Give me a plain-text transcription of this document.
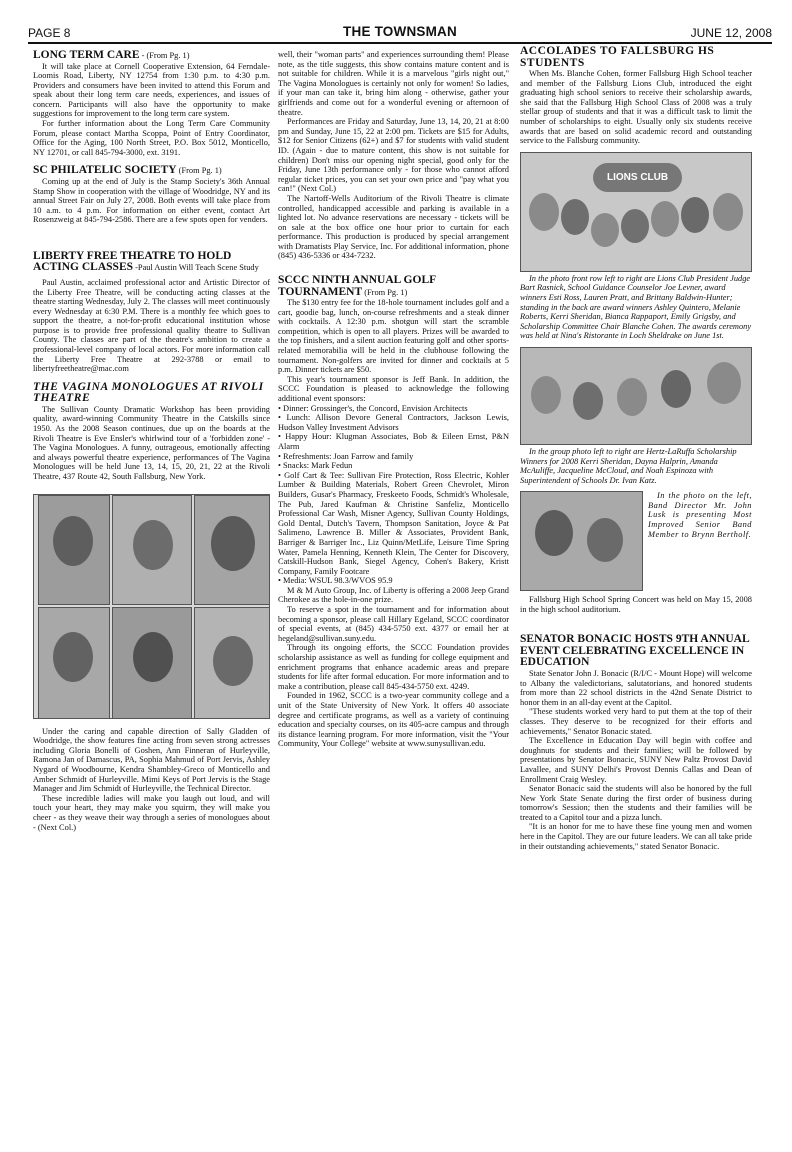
PAGE 8	THE TOWNSMAN	JUNE 12, 2008
LONG TERM CARE - (From Pg. 1)

It will take place at Cornell Cooperative Extension, 64 Ferndale-Loomis Road, Liberty, NY 12754 from 1:30 p.m. to 4:30 p.m. Providers and consumers have been invited to attend this Forum and speak about their long term care needs, experiences, and issues of concern. Participants will also have the opportunity to make suggestions for improvement to the long term care system.

For further information about the Long Term Care Community Forum, please contact Martha Scoppa, Point of Entry Coordinator, Office for the Aging, 100 North Street, P.O. Box 5012, Monticello, NY 12701, or call 845-794-3000, ext. 3191.

SC PHILATELIC SOCIETY (From Pg. 1)

Coming up at the end of July is the Stamp Society's 36th Annual Stamp Show in cooperation with the village of Woodridge, NY and its annual Street Fair on July 27, 2008. Both events will take place from 10 a.m. to 4 p.m. For information on either event, contact Art Rosenzweig at 845-794-2586. There are a few spots open for venders.

LIBERTY FREE THEATRE TO HOLD ACTING CLASSES -Paul Austin Will Teach Scene Study

Paul Austin, acclaimed professional actor and Artistic Director of the Liberty Free Theatre, will be conducting acting classes at the theatre starting Wednesday, July 2. The classes will meet continuously every Wednesday at 6:30 P.M. There is a monthly fee which goes to support the theatre, a not-for-profit educational institution whose purpose is to provide free professional quality theatre to Sullivan County. The classes are part of the theatre's ambition to create a professional-level company of local actors. For more information call the Liberty Free Theatre at 292-3788 or email to libertyfreetheatre@mac.com

THE VAGINA MONOLOGUES AT RIVOLI THEATRE

The Sullivan County Dramatic Workshop has been providing quality, award-winning Community Theatre in the Catskills since 1950. As the 2008 Season continues, due up on the boards at the Rivoli Theatre is Eve Ensler's whirlwind tour of a 'forbidden zone' - The Vagina Monologues. A funny, outrageous, emotionally affecting and always powerful theatre experience, performances of The Vagina Monologues will be held June 13, 14, 15, 20, 21, 22 at the Rivoli Theatre, 437 Route 42, South Fallsburg, New York.

Under the caring and capable direction of Sally Gladden of Woodridge, the show features fine acting from seven strong actresses including Gloria Bonelli of Goshen, Ann Finneran of Hurleyville, Ramona Jan of Damascus, PA, Sophia Mahmud of Port Jervis, Ashley Nygard of Woodbourne, Kendra Shambley-Greco of Monticello and Amber Schmidt of Hurleyville. Mimi Keys of Port Jervis is the Stage Manager and Jim Schmidt of Hurleyville, the Technical Director.

These incredible ladies will make you laugh out loud, and will touch your heart, they may make you squirm, they will make you cheer - as they weave their way through a series of monologues about - (Next Col.)

well, their "woman parts" and experiences surrounding them! Please note, as the title suggests, this show contains mature content and is not suitable for children. While it is a marvelous "girls night out," The Vagina Monologues is certainly not only for women! So ladies, if your man can take it, bring him along - otherwise, gather your girlfriends and come out for a wonderful evening or afternoon of theatre.

Performances are Friday and Saturday, June 13, 14, 20, 21 at 8:00 pm and Sunday, June 15, 22 at 2:00 pm. Tickets are $15 for Adults, $12 for Senior Citizens (62+) and $7 for students with valid student ID. (Again - due to mature content, this show is not suitable for children) Don't miss our opening night special, good only for the Friday, June 13th performance only - for those who cannot afford regular ticket prices, you can set your own price and "pay what you can!" (Next Col.)

The Nartoff-Wells Auditorium of the Rivoli Theatre is climate controlled, handicapped accessible and parking is available in a lighted lot. No advance reservations are necessary - tickets will be on sale at the box office one hour prior to curtain for each performance. This production is produced by special arrangement with Dramatists Play Service, Inc. For additional information, phone (845) 436-5336 or 434-7232.

SCCC NINTH ANNUAL GOLF TOURNAMENT (From Pg. 1)

The $130 entry fee for the 18-hole tournament includes golf and a cart, goodie bag, lunch, on-course refreshments and a steak dinner with cocktails. A 12:30 p.m. shotgun will start the scramble competition, which is open to all players. Prizes will be awarded to the top finishers, and a silent auction featuring golf and other sports-related memorabilia will be held in the clubhouse following the tournament. Non-golfers are invited for dinner and cocktails at 5 p.m. Dinner tickets are $50.

This year's tournament sponsor is Jeff Bank. In addition, the SCCC Foundation is pleased to acknowledge the following additional event sponsors:

• Dinner: Grossinger's, the Concord, Envision Architects

• Lunch: Allison Devore General Contractors, Jackson Lewis, Hudson Valley Investment Advisors

• Happy Hour: Klugman Associates, Bob & Eileen Ernst, P&N Alarm

• Refreshments: Joan Farrow and family

• Snacks: Mark Fedun

• Golf Cart & Tee: Sullivan Fire Protection, Ross Electric, Kohler Lumber & Building Materials, Robert Green Chevrolet, Miron Builders, Gusar's Pharmacy, Freskeeto Foods, Schmidt's Wholesale, The Pub, Jared Kaufman & Christine Sanfeliz, Monticello Professional Car Wash, Misner Agency, Sullivan County Holdings, Gold Dental, Dutch's Tavern, Thompson Sanitation, Joyce & Pat Salimeno, Lawrence B. Miller & Associates, Provident Bank, Barriger & Barriger Inc., Liz Quinn/MetLife, Leisure Time Spring Water, Pamela Henning, Kenneth Klein, The Center for Discovery, Catskill-Hudson Bank, Siegel Agency, Cohen's Bakery, Kristt Company, Family Footcare

• Media: WSUL 98.3/WVOS 95.9

M & M Auto Group, Inc. of Liberty is offering a 2008 Jeep Grand Cherokee as the hole-in-one prize.

To reserve a spot in the tournament and for information about becoming a sponsor, please call Hillary Egeland, SCCC coordinator of special events, at (845) 434-5750 ext. 4377 or email her at hegeland@sullivan.suny.edu.

Through its ongoing efforts, the SCCC Foundation provides scholarship assistance as well as funding for college equipment and enrichment programs that enhance academic areas and prepare students for life after formal education. For more information and to make a contribution, please call 845-434-5750 ext. 4249.

Founded in 1962, SCCC is a two-year community college and a unit of the State University of New York. It offers 40 associate degree and certificate programs, as well as a variety of continuing education and specialty courses, on its 405-acre campus and through its distance learning program. For more information, visit the "Your Community, Your College" website at www.sunysullivan.edu.

ACCOLADES TO FALLSBURG HS STUDENTS

When Ms. Blanche Cohen, former Fallsburg High School teacher and member of the Fallsburg Lions Club, introduced the eight graduating high school seniors to receive their scholarship awards, she said that the Fallsburg High School Class of 2008 was a truly stellar group of students and that it was a difficult task to limit the number of scholarships to eight. Usually only six students receive awards that are based on solid academic record and outstanding service to the Fallsburg community.

LIONS CLUB

In the photo front row left to right are Lions Club President Judge Bart Rasnick, School Guidance Counselor Joe Levner, award winners Esti Ross, Lauren Pratt, and Brittany Baldwin-Hunter; standing in the back are award winners Ashley Quintero, Melanie Roberts, Kerri Sheridan, Bianca Rappaport, Emily Grigsby, and Scholarship Committee Chair Blanche Cohen. The awards ceremony was held at Nina's Ristorante in Loch Sheldrake on June 1st.

In the group photo left to right are Hertz-LaRuffa Scholarship Winners for 2008 Kerri Sheridan, Dayna Halprin, Amanda McAuliffe, Jacqueline McCloud, and Noah Espinoza with Superintendent of Schools Dr. Ivan Katz.

In the photo on the left, Band Director Mr. John Lusk is presenting Most Improved Senior Band Member to Brynn Bertholf.

Fallsburg High School Spring Concert was held on May 15, 2008 in the high school auditorium.

SENATOR BONACIC HOSTS 9TH ANNUAL EVENT CELEBRATING EXCELLENCE IN EDUCATION

State Senator John J. Bonacic (R/I/C - Mount Hope) will welcome to Albany the valedictorians, salutatorians, and honored students from more than 22 school districts in the 42nd Senate District to honor them in an all-day event at the Capitol.

"These students worked very hard to put them at the top of their classes. They deserve to be recognized for their efforts and achievements," Senator Bonacic stated.

The Excellence in Education Day will begin with coffee and doughnuts for students and their families; will be followed by presentations by Senator Bonacic, SUNY New Paltz Provost David Lavallee, and SUNY Delhi's Provost Dennis Callas and Dean of Enrollment Craig Wesley.

Senator Bonacic said the students will also be honored by the full New York State Senate during the first order of business during tomorrow's Session; then the students and their families will be treated to a Capitol tour and a pizza lunch.

"It is an honor for me to have these fine young men and women here in the Capitol. They are our future leaders. We can all take pride in their outstanding achievements," stated Senator Bonacic.
